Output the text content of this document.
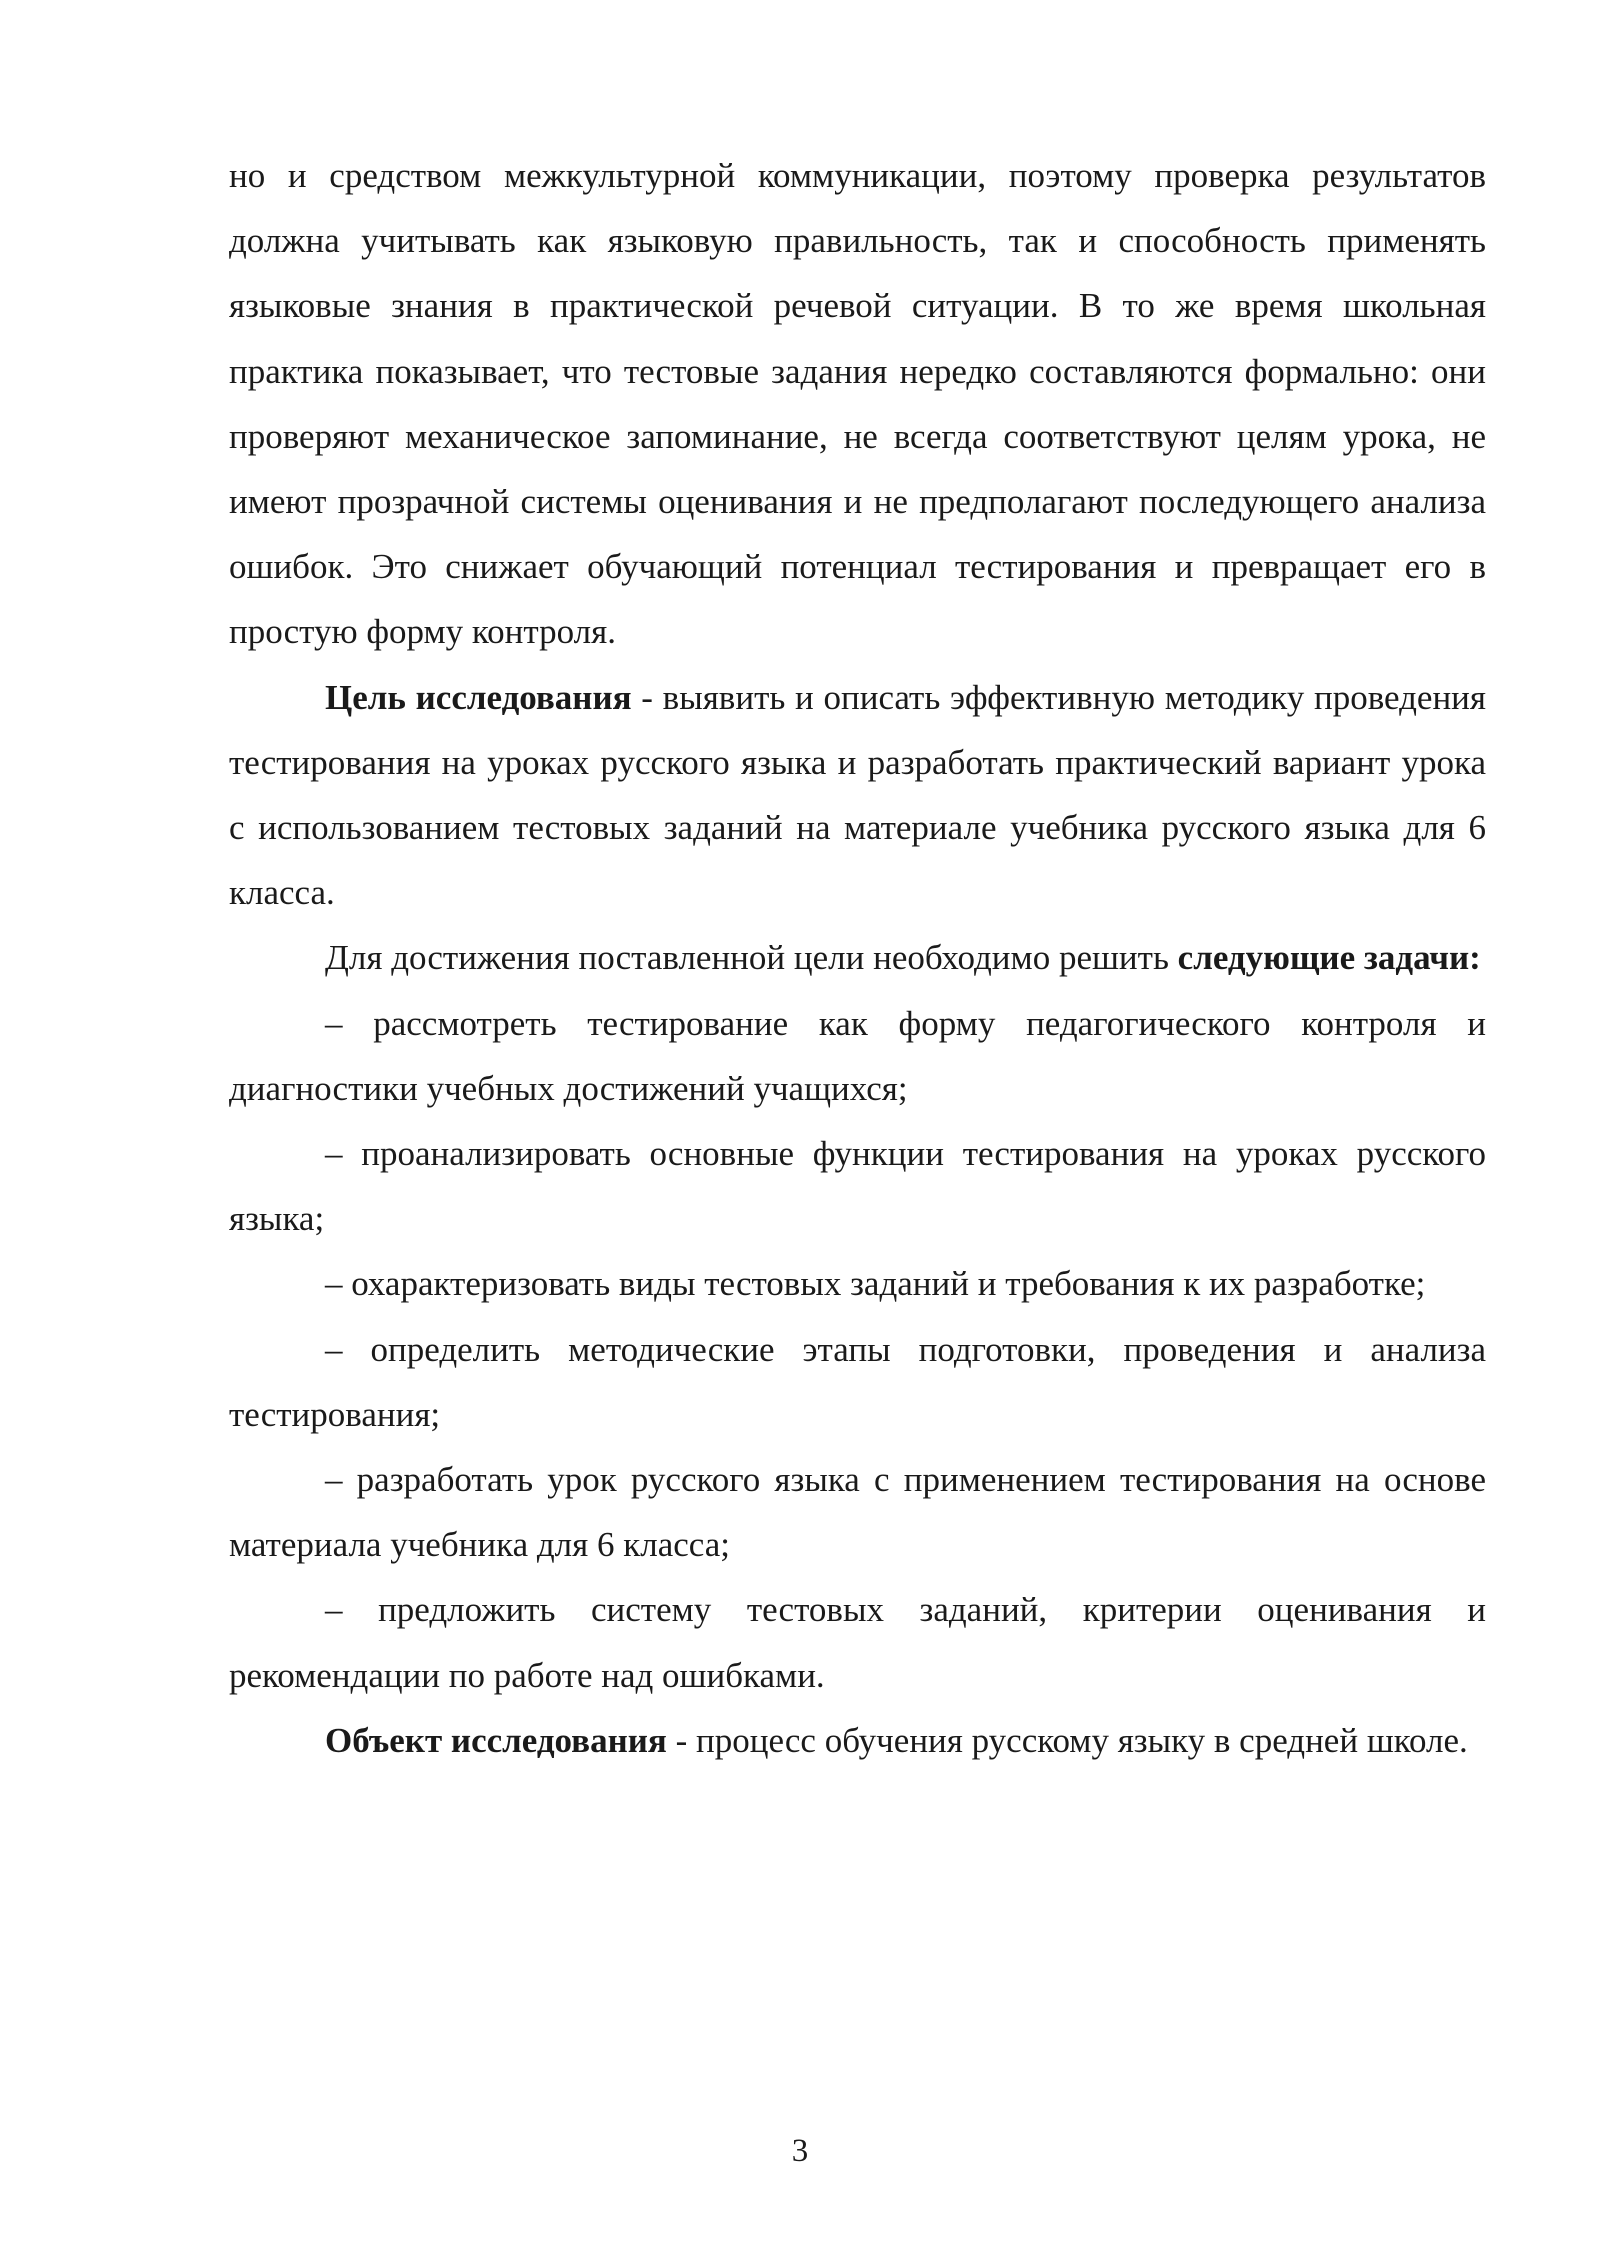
но и средством межкультурной коммуникации, поэтому проверка результатов должна учитывать как языковую правильность, так и способность применять языковые знания в практической речевой ситуации. В то же время школьная практика показывает, что тестовые задания нередко составляются формально: они проверяют механическое запоминание, не всегда соответствуют целям урока, не имеют прозрачной системы оценивания и не предполагают последующего анализа ошибок. Это снижает обучающий потенциал тестирования и превращает его в простую форму контроля.

Цель исследования - выявить и описать эффективную методику проведения тестирования на уроках русского языка и разработать практический вариант урока с использованием тестовых заданий на материале учебника русского языка для 6 класса.

Для достижения поставленной цели необходимо решить следующие задачи:

– рассмотреть тестирование как форму педагогического контроля и диагностики учебных достижений учащихся;

– проанализировать основные функции тестирования на уроках русского языка;

– охарактеризовать виды тестовых заданий и требования к их разработке;

– определить методические этапы подготовки, проведения и анализа тестирования;

– разработать урок русского языка с применением тестирования на основе материала учебника для 6 класса;

– предложить систему тестовых заданий, критерии оценивания и рекомендации по работе над ошибками.

Объект исследования - процесс обучения русскому языку в средней школе.

3
